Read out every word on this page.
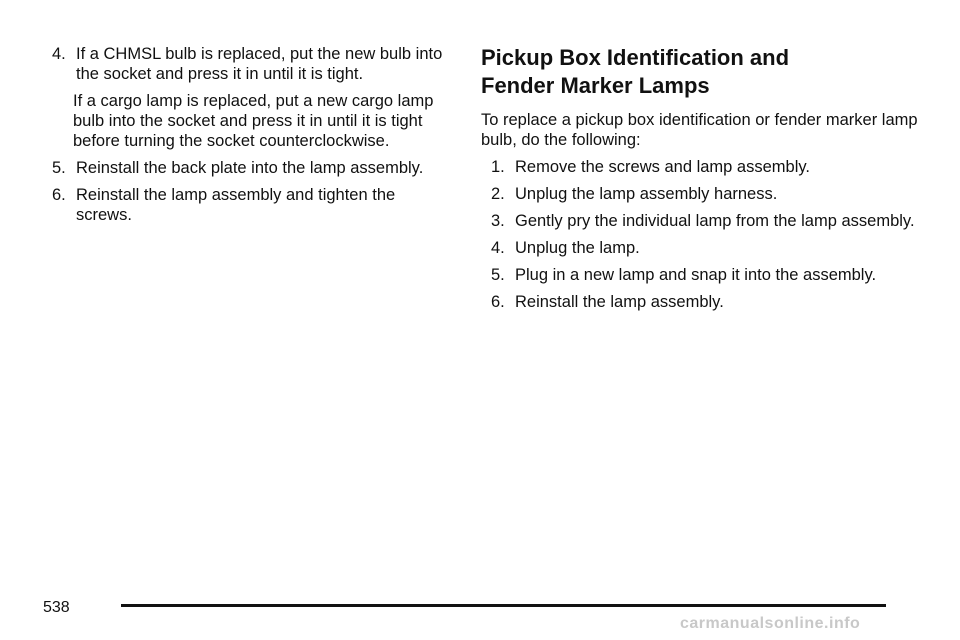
4. If a CHMSL bulb is replaced, put the new bulb into the socket and press it in until it is tight.

If a cargo lamp is replaced, put a new cargo lamp bulb into the socket and press it in until it is tight before turning the socket counterclockwise.

5. Reinstall the back plate into the lamp assembly.
6. Reinstall the lamp assembly and tighten the screws.
Pickup Box Identification and
Fender Marker Lamps

To replace a pickup box identification or fender marker lamp bulb, do the following:

1. Remove the screws and lamp assembly.
2. Unplug the lamp assembly harness.
3. Gently pry the individual lamp from the lamp assembly.
4. Unplug the lamp.
5. Plug in a new lamp and snap it into the assembly.
6. Reinstall the lamp assembly.
538
carmanualsonline.info
